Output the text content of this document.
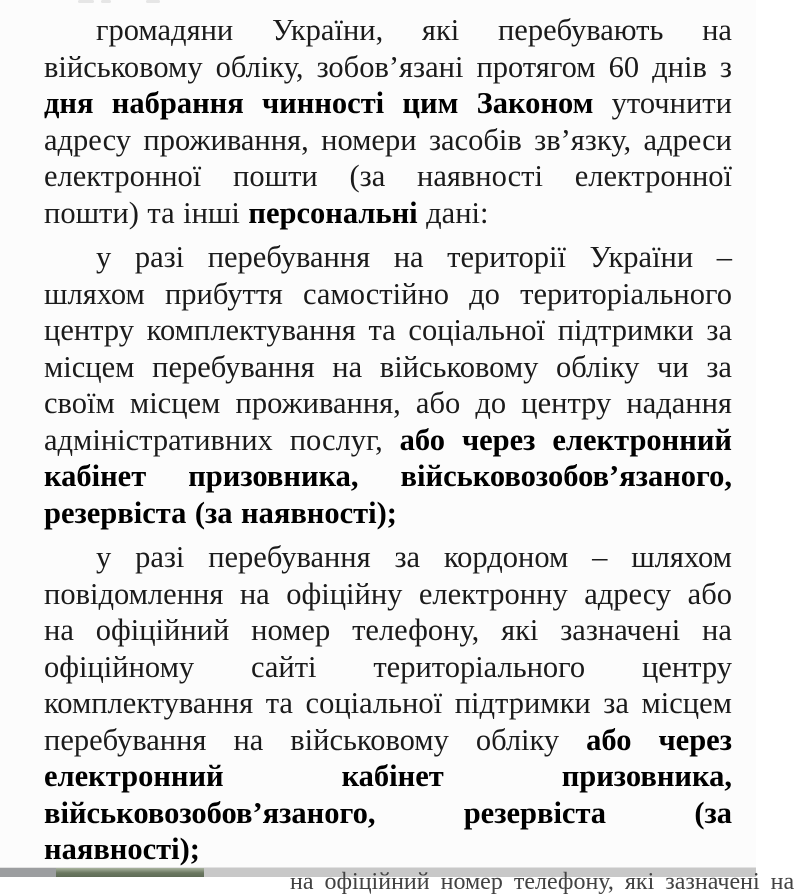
громадяни України, які перебувають на
військовому обліку, зобов’язані протягом 60 днів з
дня набрання чинності цим Законом уточнити
адресу проживання, номери засобів зв’язку, адреси
електронної пошти (за наявності електронної
пошти) та інші персональні дані:
у разі перебування на території України –
шляхом прибуття самостійно до територіального
центру комплектування та соціальної підтримки за
місцем перебування на військовому обліку чи за
своїм місцем проживання, або до центру надання
адміністративних послуг, або через електронний
кабінет призовника, військовозобов’язаного,
резервіста (за наявності);
у разі перебування за кордоном – шляхом
повідомлення на офіційну електронну адресу або
на офіційний номер телефону, які зазначені на
офіційному сайті територіального центру
комплектування та соціальної підтримки за місцем
перебування на військовому обліку або через
електронний	кабінет	призовника,
військовозобов’язаного,	резервіста	(за
наявності);
на офіційний номер телефону, які зазначені на
